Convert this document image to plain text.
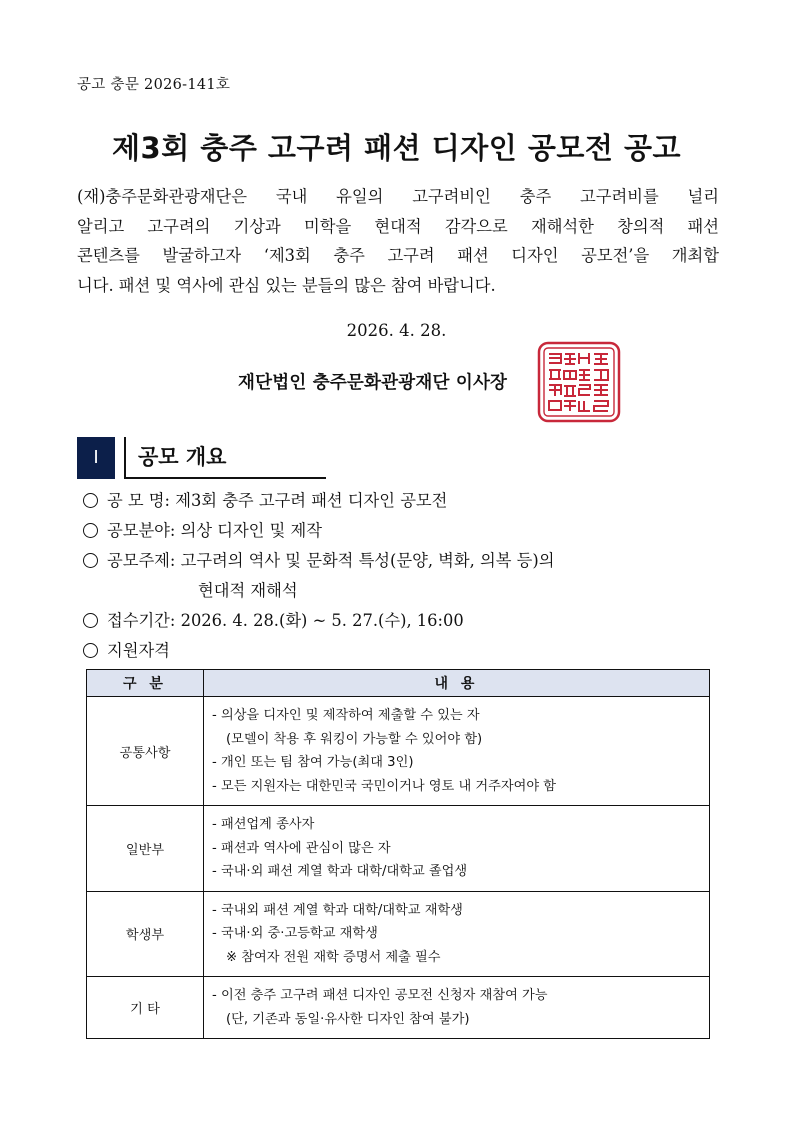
공고 충문 2026-141호
제3회 충주 고구려 패션 디자인 공모전 공고
(재)충주문화관광재단은 국내 유일의 고구려비인 충주 고구려비를 널리
알리고 고구려의 기상과 미학을 현대적 감각으로 재해석한 창의적 패션
콘텐츠를 발굴하고자 ‘제3회 충주 고구려 패션 디자인 공모전’을 개최합
니다. 패션 및 역사에 관심 있는 분들의 많은 참여 바랍니다.
2026. 4. 28.
재단법인 충주문화관광재단 이사장
Ⅰ	공모 개요
공 모 명: 제3회 충주 고구려 패션 디자인 공모전
공모분야: 의상 디자인 및 제작
공모주제: 고구려의 역사 및 문화적 특성(문양, 벽화, 의복 등)의
현대적 재해석
접수기간: 2026. 4. 28.(화) ~ 5. 27.(수), 16:00
지원자격
구 분	내 용
공통사항	- 의상을 디자인 및 제작하여 제출할 수 있는 자
(모델이 착용 후 워킹이 가능할 수 있어야 함)
- 개인 또는 팀 참여 가능(최대 3인)
- 모든 지원자는 대한민국 국민이거나 영토 내 거주자여야 함

일반부	- 패션업계 종사자
- 패션과 역사에 관심이 많은 자
- 국내·외 패션 계열 학과 대학/대학교 졸업생

학생부	- 국내외 패션 계열 학과 대학/대학교 재학생
- 국내·외 중·고등학교 재학생
※ 참여자 전원 재학 증명서 제출 필수

기 타	- 이전 충주 고구려 패션 디자인 공모전 신청자 재참여 가능
(단, 기존과 동일·유사한 디자인 참여 불가)
